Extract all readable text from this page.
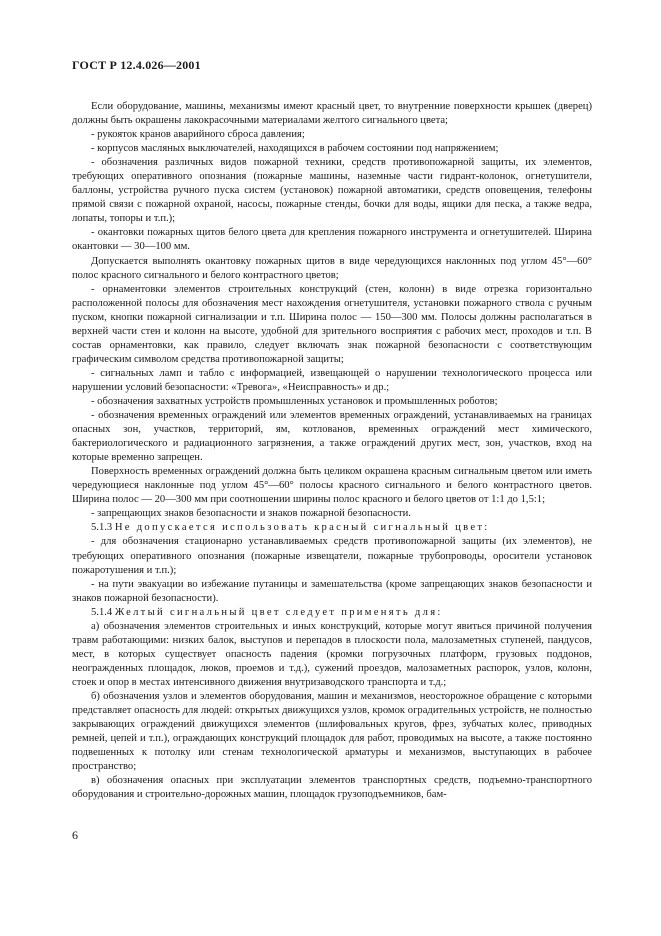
ГОСТ Р 12.4.026—2001

Если оборудование, машины, механизмы имеют красный цвет, то внутренние поверхности крышек (дверец) должны быть окрашены лакокрасочными материалами желтого сигнального цвета;

- рукояток кранов аварийного сброса давления;

- корпусов масляных выключателей, находящихся в рабочем состоянии под напряжением;

- обозначения различных видов пожарной техники, средств противопожарной защиты, их элементов, требующих оперативного опознания (пожарные машины, наземные части гидрант-колонок, огнетушители, баллоны, устройства ручного пуска систем (установок) пожарной автоматики, средств оповещения, телефоны прямой связи с пожарной охраной, насосы, пожарные стенды, бочки для воды, ящики для песка, а также ведра, лопаты, топоры и т.п.);

- окантовки пожарных щитов белого цвета для крепления пожарного инструмента и огнетушителей. Ширина окантовки — 30—100 мм.

Допускается выполнять окантовку пожарных щитов в виде чередующихся наклонных под углом 45°—60° полос красного сигнального и белого контрастного цветов;

- орнаментовки элементов строительных конструкций (стен, колонн) в виде отрезка горизонтально расположенной полосы для обозначения мест нахождения огнетушителя, установки пожарного ствола с ручным пуском, кнопки пожарной сигнализации и т.п. Ширина полос — 150—300 мм. Полосы должны располагаться в верхней части стен и колонн на высоте, удобной для зрительного восприятия с рабочих мест, проходов и т.п. В состав орнаментовки, как правило, следует включать знак пожарной безопасности с соответствующим графическим символом средства противопожарной защиты;

- сигнальных ламп и табло с информацией, извещающей о нарушении технологического процесса или нарушении условий безопасности: «Тревога», «Неисправность» и др.;

- обозначения захватных устройств промышленных установок и промышленных роботов;

- обозначения временных ограждений или элементов временных ограждений, устанавливаемых на границах опасных зон, участков, территорий, ям, котлованов, временных ограждений мест химического, бактериологического и радиационного загрязнения, а также ограждений других мест, зон, участков, вход на которые временно запрещен.

Поверхность временных ограждений должна быть целиком окрашена красным сигнальным цветом или иметь чередующиеся наклонные под углом 45°—60° полосы красного сигнального и белого контрастного цветов. Ширина полос — 20—300 мм при соотношении ширины полос красного и белого цветов от 1:1 до 1,5:1;

- запрещающих знаков безопасности и знаков пожарной безопасности.

5.1.3 Не допускается использовать красный сигнальный цвет:

- для обозначения стационарно устанавливаемых средств противопожарной защиты (их элементов), не требующих оперативного опознания (пожарные извещатели, пожарные трубопроводы, оросители установок пожаротушения и т.п.);

- на пути эвакуации во избежание путаницы и замешательства (кроме запрещающих знаков безопасности и знаков пожарной безопасности).

5.1.4 Желтый сигнальный цвет следует применять для:

а) обозначения элементов строительных и иных конструкций, которые могут явиться причиной получения травм работающими: низких балок, выступов и перепадов в плоскости пола, малозаметных ступеней, пандусов, мест, в которых существует опасность падения (кромки погрузочных платформ, грузовых поддонов, неогражденных площадок, люков, проемов и т.д.), сужений проездов, малозаметных распорок, узлов, колонн, стоек и опор в местах интенсивного движения внутризаводского транспорта и т.д.;

б) обозначения узлов и элементов оборудования, машин и механизмов, неосторожное обращение с которыми представляет опасность для людей: открытых движущихся узлов, кромок оградительных устройств, не полностью закрывающих ограждений движущихся элементов (шлифовальных кругов, фрез, зубчатых колес, приводных ремней, цепей и т.п.), ограждающих конструкций площадок для работ, проводимых на высоте, а также постоянно подвешенных к потолку или стенам технологической арматуры и механизмов, выступающих в рабочее пространство;

в) обозначения опасных при эксплуатации элементов транспортных средств, подъемно-транспортного оборудования и строительно-дорожных машин, площадок грузоподъемников, бам-

6
